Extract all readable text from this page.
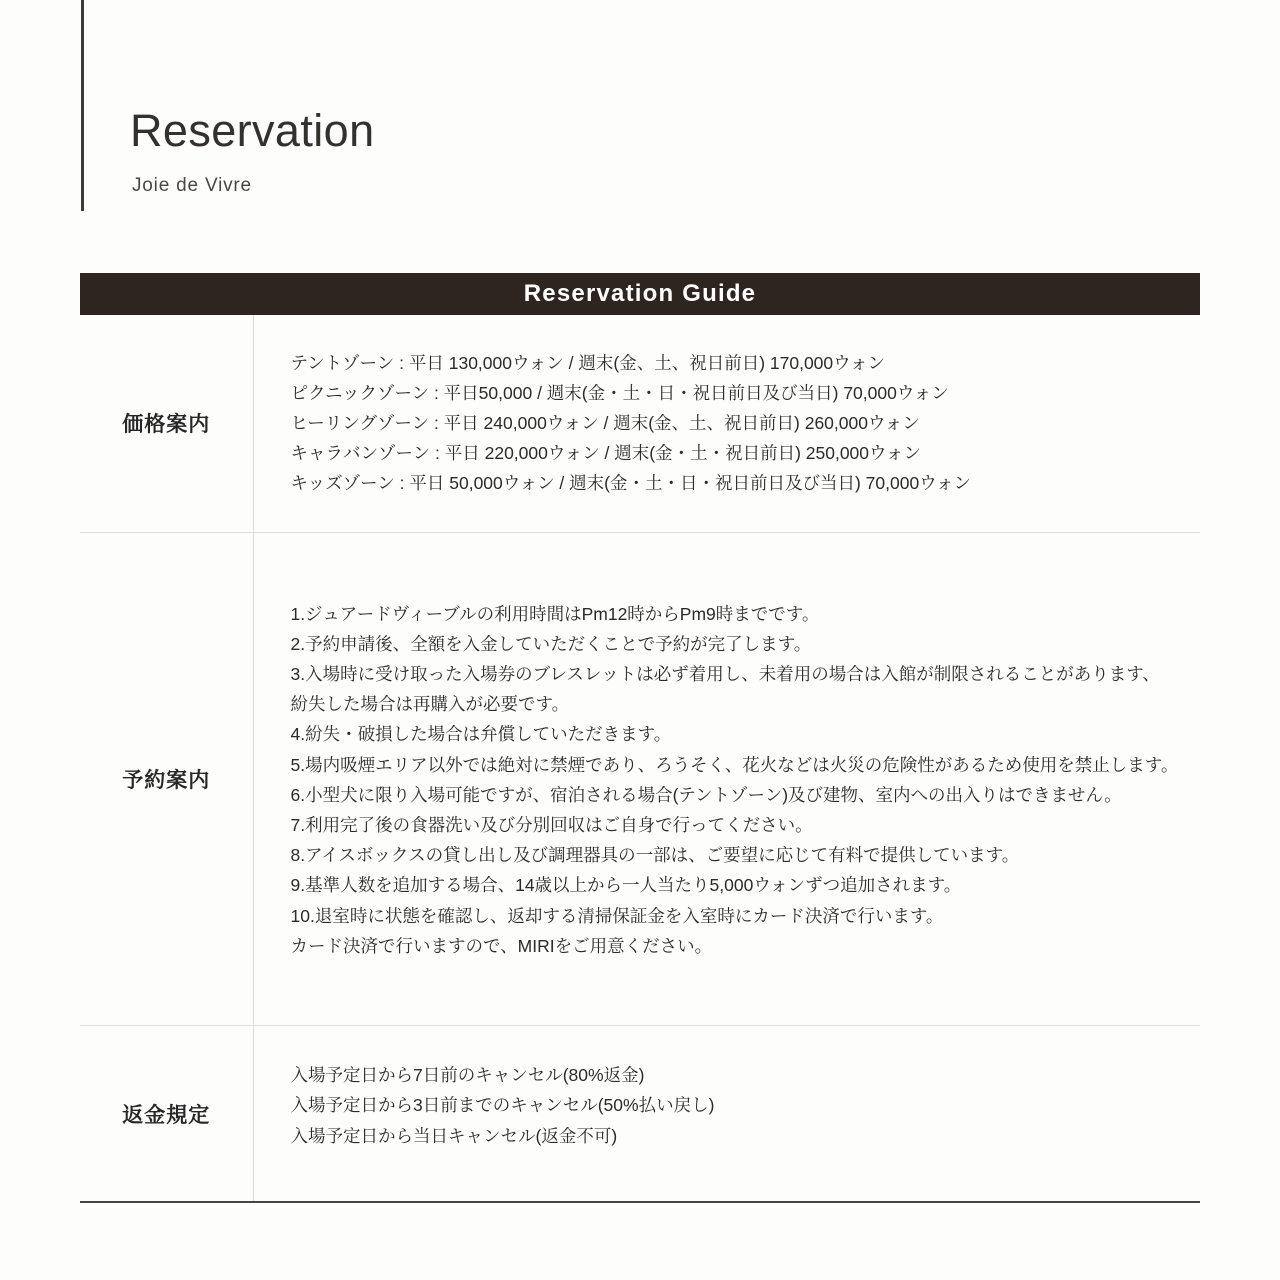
Reservation
Joie de Vivre
Reservation Guide
価格案内	テントゾーン : 平日 130,000ウォン / 週末(金、土、祝日前日) 170,000ウォン
ピクニックゾーン : 平日50,000 / 週末(金・土・日・祝日前日及び当日) 70,000ウォン
ヒーリングゾーン : 平日 240,000ウォン / 週末(金、土、祝日前日) 260,000ウォン
キャラバンゾーン : 平日 220,000ウォン / 週末(金・土・祝日前日) 250,000ウォン
キッズゾーン : 平日 50,000ウォン / 週末(金・土・日・祝日前日及び当日) 70,000ウォン

予約案内	
1.ジュアードヴィーブルの利用時間はPm12時からPm9時までです。
2.予約申請後、全額を入金していただくことで予約が完了します。
3.入場時に受け取った入場券のブレスレットは必ず着用し、未着用の場合は入館が制限されることがあります、
紛失した場合は再購入が必要です。
4.紛失・破損した場合は弁償していただきます。
5.場内吸煙エリア以外では絶対に禁煙であり、ろうそく、花火などは火災の危険性があるため使用を禁止します。
6.小型犬に限り入場可能ですが、宿泊される場合(テントゾーン)及び建物、室内への出入りはできません。
7.利用完了後の食器洗い及び分別回収はご自身で行ってください。
8.アイスボックスの貸し出し及び調理器具の一部は、ご要望に応じて有料で提供しています。
9.基準人数を追加する場合、14歳以上から一人当たり5,000ウォンずつ追加されます。
10.退室時に状態を確認し、返却する清掃保証金を入室時にカード決済で行います。
カード決済で行いますので、MIRIをご用意ください。

返金規定	入場予定日から7日前のキャンセル(80%返金)
入場予定日から3日前までのキャンセル(50%払い戻し)
入場予定日から当日キャンセル(返金不可)
